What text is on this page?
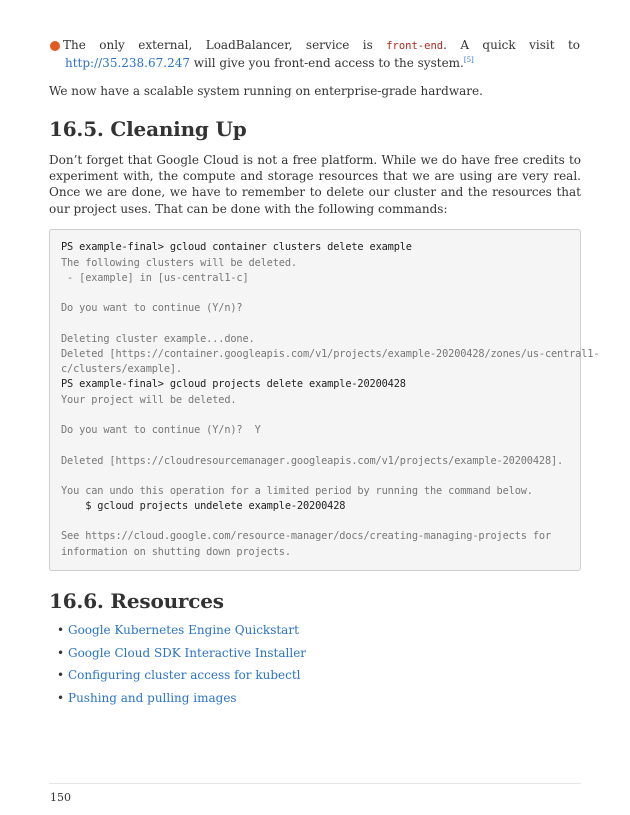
5 The only external, LoadBalancer, service is front-end. A quick visit to http://35.238.67.247 will give you front-end access to the system.[5]
We now have a scalable system running on enterprise-grade hardware.
16.5. Cleaning Up
Don’t forget that Google Cloud is not a free platform. While we do have free credits to experiment with, the compute and storage resources that we are using are very real. Once we are done, we have to remember to delete our cluster and the resources that our project uses. That can be done with the following commands:
PS example-final> gcloud container clusters delete example
The following clusters will be deleted.
- [example] in [us-central1-c]
Do you want to continue (Y/n)?
Deleting cluster example...done.
Deleted [https://container.googleapis.com/v1/projects/example-20200428/zones/us-central1-
c/clusters/example].
PS example-final> gcloud projects delete example-20200428
Your project will be deleted.
Do you want to continue (Y/n)?  Y
Deleted [https://cloudresourcemanager.googleapis.com/v1/projects/example-20200428].
You can undo this operation for a limited period by running the command below.
$ gcloud projects undelete example-20200428
See https://cloud.google.com/resource-manager/docs/creating-managing-projects for
information on shutting down projects.
16.6. Resources
• Google Kubernetes Engine Quickstart
• Google Cloud SDK Interactive Installer
• Configuring cluster access for kubectl
• Pushing and pulling images
150
